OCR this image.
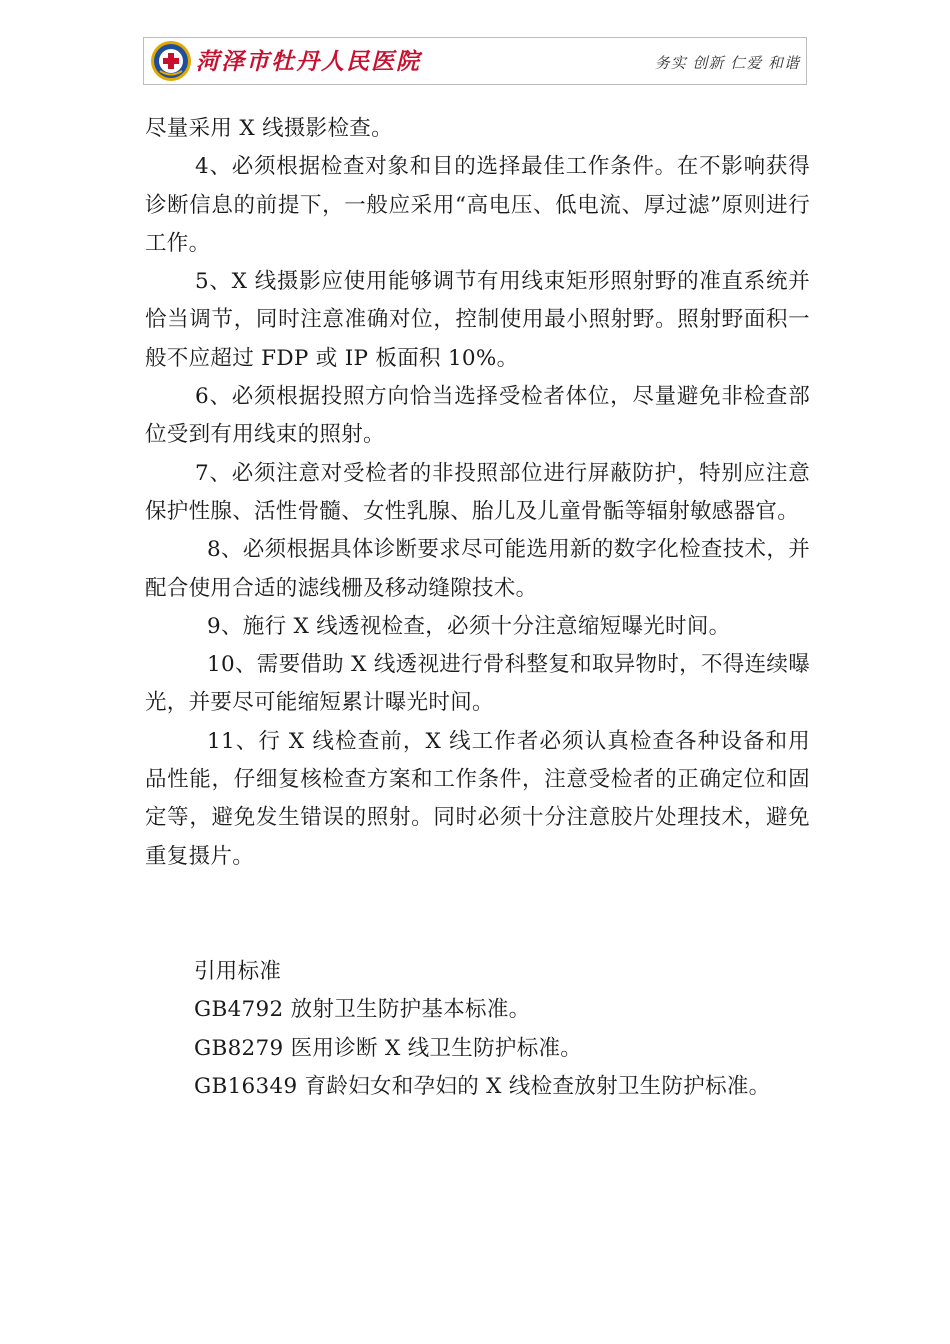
菏泽市牡丹人民医院	务实 创新 仁爱 和谐

尽量采用 X 线摄影检查。

4、必须根据检查对象和目的选择最佳工作条件。在不影响获得诊断信息的前提下，一般应采用“高电压、低电流、厚过滤”原则进行工作。

5、X 线摄影应使用能够调节有用线束矩形照射野的准直系统并恰当调节，同时注意准确对位，控制使用最小照射野。照射野面积一般不应超过 FDP 或 IP 板面积 10%。

6、必须根据投照方向恰当选择受检者体位，尽量避免非检查部位受到有用线束的照射。

7、必须注意对受检者的非投照部位进行屏蔽防护，特别应注意保护性腺、活性骨髓、女性乳腺、胎儿及儿童骨骺等辐射敏感器官。

8、必须根据具体诊断要求尽可能选用新的数字化检查技术，并配合使用合适的滤线栅及移动缝隙技术。

9、施行 X 线透视检查，必须十分注意缩短曝光时间。

10、需要借助 X 线透视进行骨科整复和取异物时，不得连续曝光，并要尽可能缩短累计曝光时间。

11、行 X 线检查前，X 线工作者必须认真检查各种设备和用品性能，仔细复核检查方案和工作条件，注意受检者的正确定位和固定等，避免发生错误的照射。同时必须十分注意胶片处理技术，避免重复摄片。

引用标准

GB4792 放射卫生防护基本标准。

GB8279 医用诊断 X 线卫生防护标准。

GB16349 育龄妇女和孕妇的 X 线检查放射卫生防护标准。
